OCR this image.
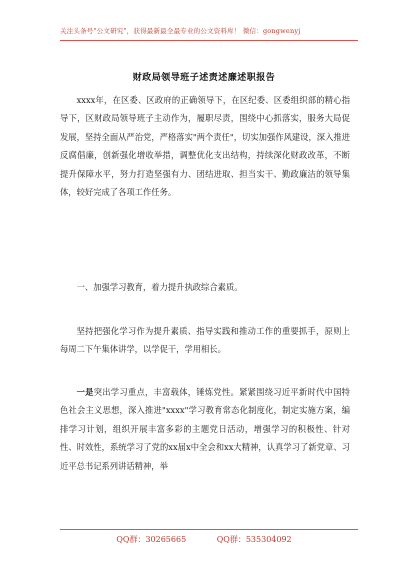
关注头条号"公文研究"，获得最新最全最专业的公文资料库！ 微信：gongwenyj
财政局领导班子述责述廉述职报告
xxxx年，在区委、区政府的正确领导下，在区纪委、区委组织部的精心指导下，区财政局领导班子主动作为，履职尽责，围绕中心抓落实，服务大局促发展，坚持全面从严治党，严格落实"两个责任"，切实加强作风建设，深入推进反腐倡廉，创新强化增收举措，调整优化支出结构，持续深化财政改革，不断提升保障水平，努力打造坚强有力、团结进取、担当实干、勤政廉洁的领导集体，较好完成了各项工作任务。
一、加强学习教育，着力提升执政综合素质。
坚持把强化学习作为提升素质、指导实践和推动工作的重要抓手，原则上每周二下午集体讲学，以学促干，学用相长。
一是突出学习重点，丰富载体，锤炼党性。紧紧围绕习近平新时代中国特色社会主义思想，深入推进"xxxx"学习教育常态化制度化，制定实施方案，编排学习计划，组织开展丰富多彩的主题党日活动，增强学习的积极性、针对性、时效性，系统学习了党的xx届x中全会和xx大精神，认真学习了新党章、习近平总书记系列讲话精神，举
QQ群：30265665	QQ群：535304092
